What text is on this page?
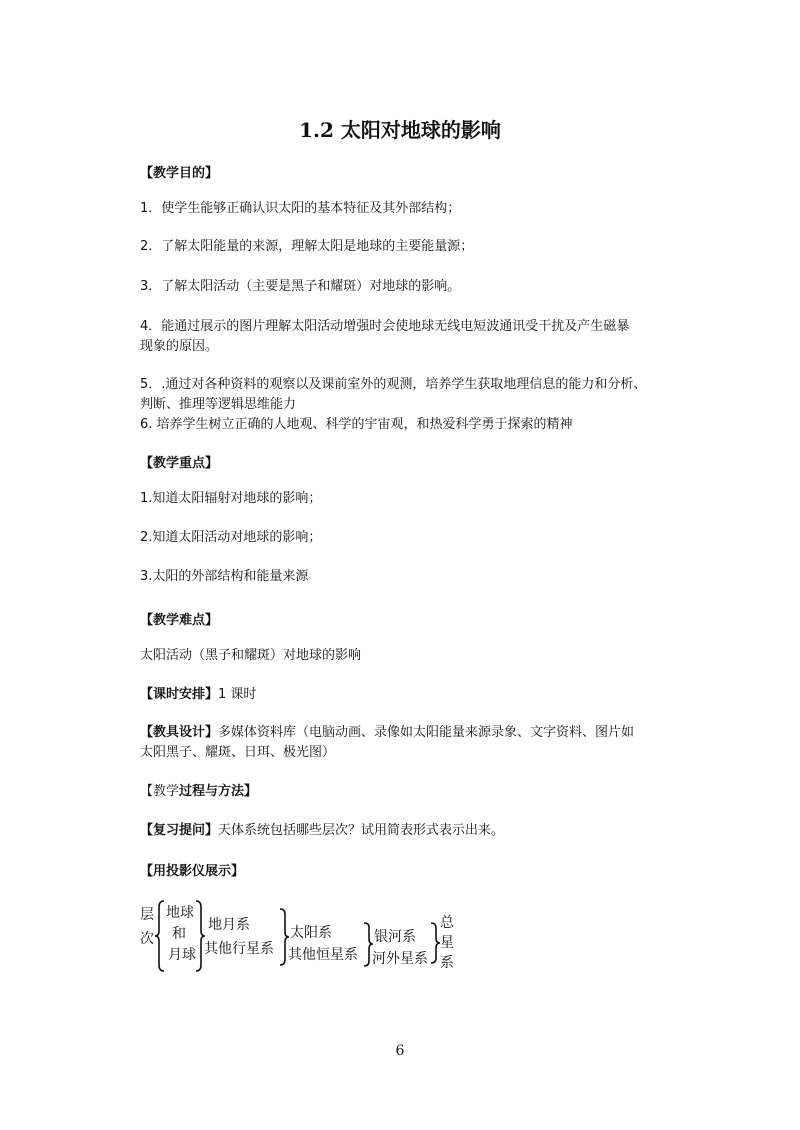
1.2 太阳对地球的影响
【教学目的】
1．使学生能够正确认识太阳的基本特征及其外部结构；
2．了解太阳能量的来源，理解太阳是地球的主要能量源；
3．了解太阳活动（主要是黑子和耀斑）对地球的影响。
4．能通过展示的图片理解太阳活动增强时会使地球无线电短波通讯受干扰及产生磁暴
现象的原因。
5．.通过对各种资料的观察以及课前室外的观测，培养学生获取地理信息的能力和分析、
判断、推理等逻辑思维能力
6. 培养学生树立正确的人地观、科学的宇宙观，和热爱科学勇于探索的精神
【教学重点】
1.知道太阳辐射对地球的影响；
2.知道太阳活动对地球的影响；
3.太阳的外部结构和能量来源
【教学难点】
太阳活动（黑子和耀斑）对地球的影响
【课时安排】1 课时
【教具设计】多媒体资料库（电脑动画、录像如太阳能量来源录象、文字资料、图片如
太阳黑子、耀斑、日珥、极光图）
【教学过程与方法】
【复习提问】天体系统包括哪些层次？试用简表形式表示出来。
【用投影仪展示】
层
次
地球
和
月球
地月系
其他行星系
太阳系
其他恒星系
银河系
河外星系
总
星
系
6
